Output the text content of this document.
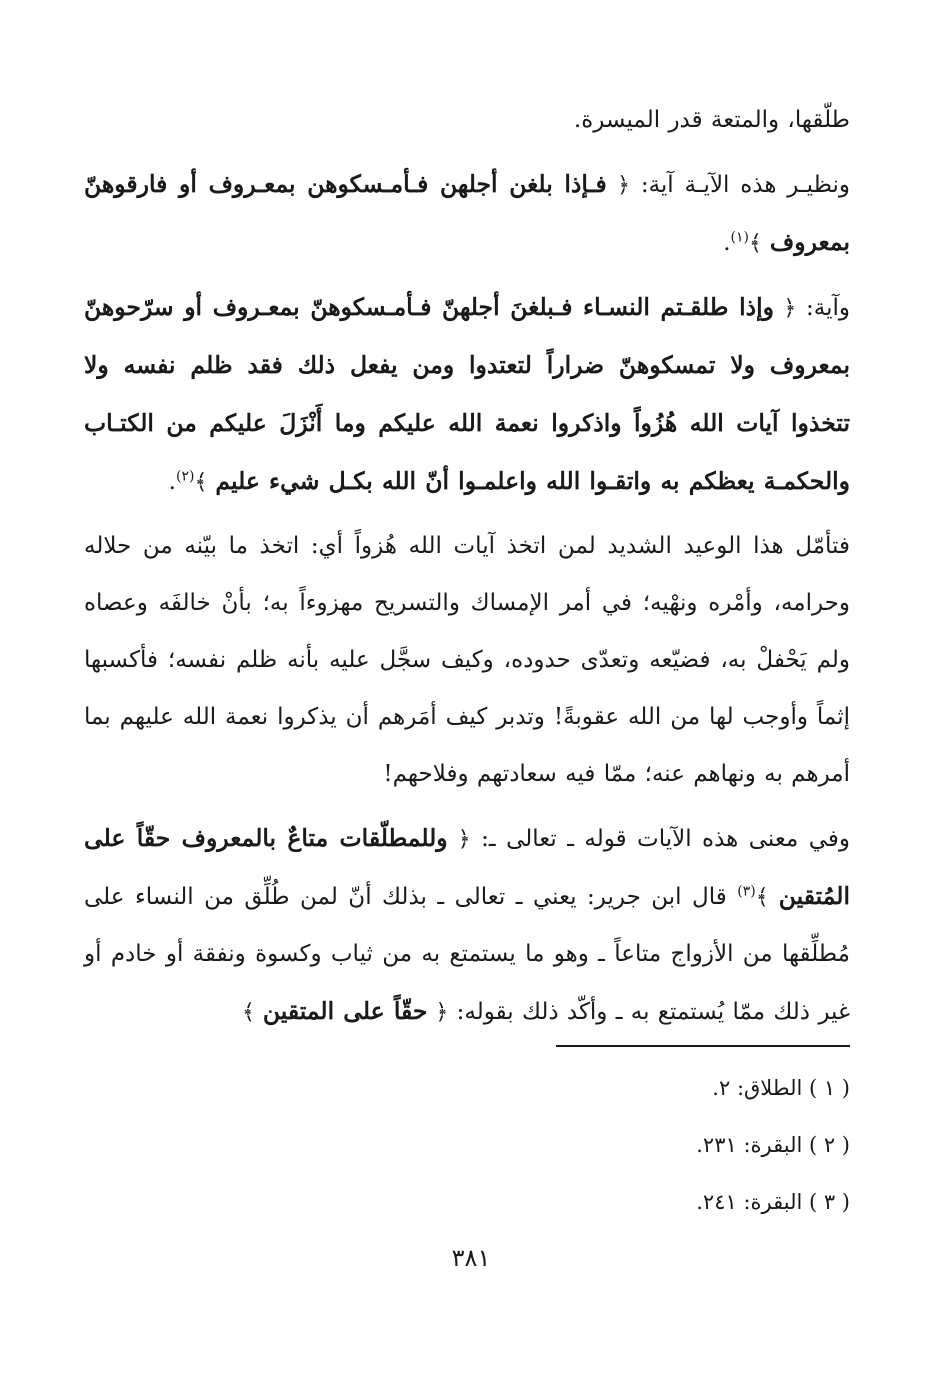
طلّقها، والمتعة قدر الميسرة.

ونظيـر هذه الآيـة آية: ﴿ فـإذا بلغن أجلهن فـأمـسكوهن بمعـروف أو فارقوهنّ بمعروف ﴾$^{(١)}$.

وآية: ﴿ وإذا طلقـتم النسـاء فـبلغنَ أجلهنّ فـأمـسكوهنّ بمعـروف أو سرّحوهنّ بمعروف ولا تمسكوهنّ ضراراً لتعتدوا ومن يفعل ذلك فقد ظلم نفسه ولا تتخذوا آيات الله هُزُواً واذكروا نعمة الله عليكم وما أَنْزَلَ عليكم من الكتـاب والحكمـة يعظكم به واتقـوا الله واعلمـوا أنّ الله بكـل شيء عليم ﴾$^{(٢)}$.

فتأمّل هذا الوعيد الشديد لمن اتخذ آيات الله هُزواً أي: اتخذ ما بيّنه من حلاله وحرامه، وأمْره ونهْيه؛ في أمر الإمساك والتسريح مهزوءاً به؛ بأنْ خالفَه وعصاه ولم يَحْفلْ به، فضيّعه وتعدّى حدوده، وكيف سجَّل عليه بأنه ظلم نفسه؛ فأكسبها إثماً وأوجب لها من الله عقوبةً! وتدبر كيف أمَرهم أن يذكروا نعمة الله عليهم بما أمرهم به ونهاهم عنه؛ ممّا فيه سعادتهم وفلاحهم!

وفي معنى هذه الآيات قوله ـ تعالى ـ: ﴿ وللمطلّقات متاعٌ بالمعروف حقّاً على المُتقين ﴾$^{(٣)}$ قال ابن جرير: يعني ـ تعالى ـ بذلك أنّ لمن طُلِّق من النساء على مُطلِّقها من الأزواج متاعاً ـ وهو ما يستمتع به من ثياب وكسوة ونفقة أو خادم أو غير ذلك ممّا يُستمتع به ـ وأكّد ذلك بقوله: ﴿ حقّاً على المتقين ﴾

( ١ ) الطلاق: ٢.
( ٢ ) البقرة: ٢٣١.
( ٣ ) البقرة: ٢٤١.
٣٨١
